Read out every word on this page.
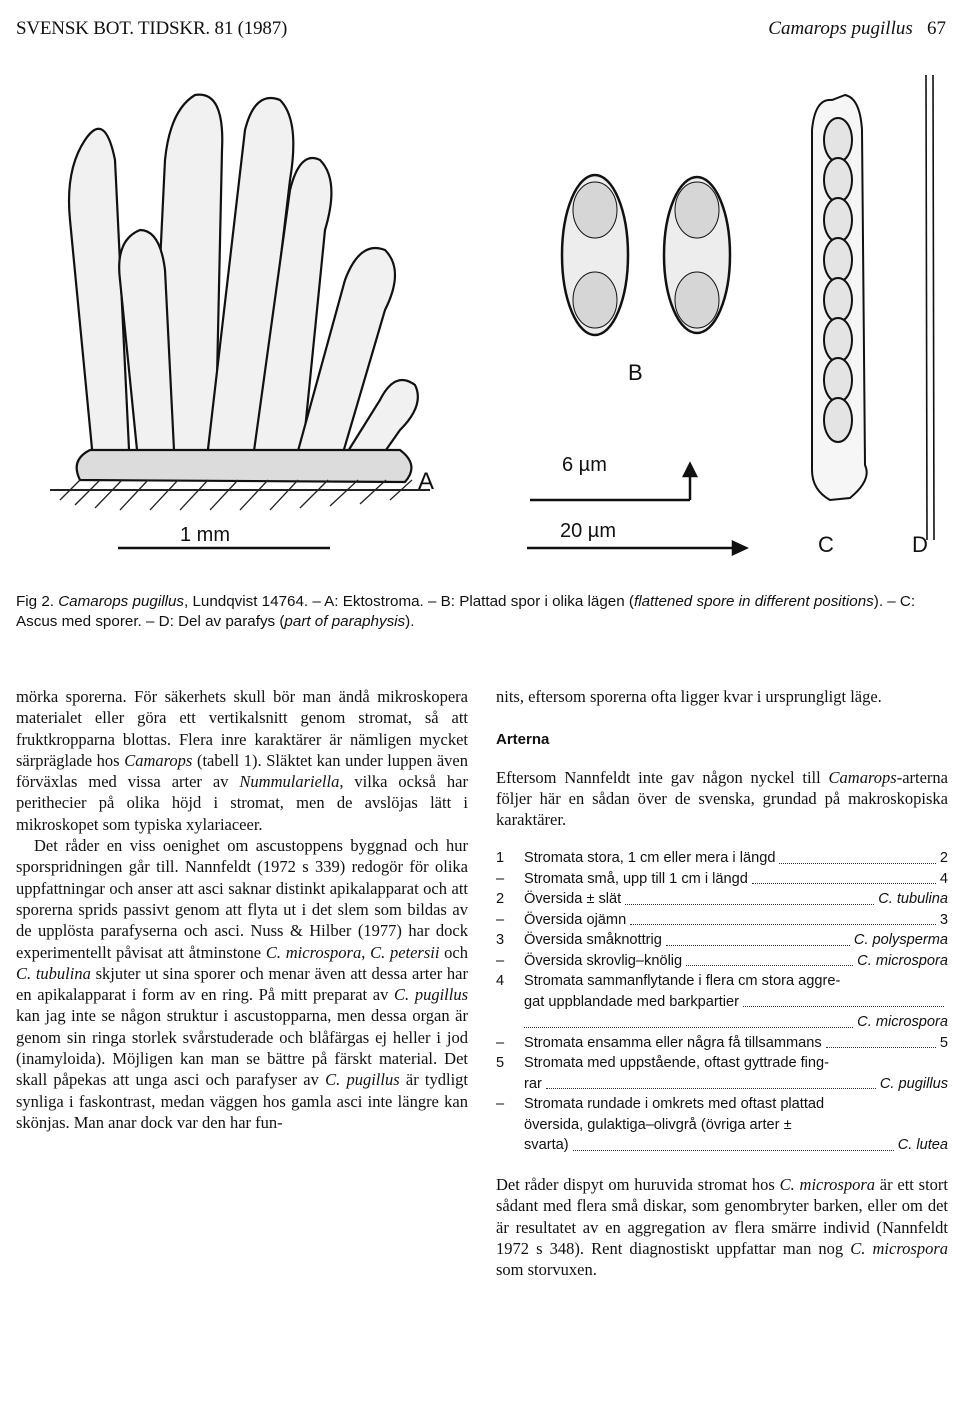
SVENSK BOT. TIDSKR. 81 (1987)	Camarops pugillus 67
A
B
C	D
6 µm
1 mm	20 µm
Fig 2. Camarops pugillus, Lundqvist 14764. – A: Ektostroma. – B: Plattad spor i olika lägen (flattened spore in different positions). – C: Ascus med sporer. – D: Del av parafys (part of paraphysis).

mörka sporerna. För säkerhets skull bör man ändå mikroskopera materialet eller göra ett vertikalsnitt genom stromat, så att fruktkropparna blottas. Flera inre karaktärer är nämligen mycket särpräglade hos Camarops (tabell 1). Släktet kan under luppen även förväxlas med vissa arter av Nummulariella, vilka också har perithecier på olika höjd i stromat, men de avslöjas lätt i mikroskopet som typiska xylariaceer.

Det råder en viss oenighet om ascustoppens byggnad och hur sporspridningen går till. Nannfeldt (1972 s 339) redogör för olika uppfattningar och anser att asci saknar distinkt apikalapparat och att sporerna sprids passivt genom att flyta ut i det slem som bildas av de upplösta parafyserna och asci. Nuss & Hilber (1977) har dock experimentellt påvisat att åtminstone C. microspora, C. petersii och C. tubulina skjuter ut sina sporer och menar även att dessa arter har en apikalapparat i form av en ring. På mitt preparat av C. pugillus kan jag inte se någon struktur i ascustopparna, men dessa organ är genom sin ringa storlek svårstuderade och blåfärgas ej heller i jod (inamyloida). Möjligen kan man se bättre på färskt material. Det skall påpekas att unga asci och parafyser av C. pugillus är tydligt synliga i faskontrast, medan väggen hos gamla asci inte längre kan skönjas. Man anar dock var den har fun-

nits, eftersom sporerna ofta ligger kvar i ursprungligt läge.

Arterna

Eftersom Nannfeldt inte gav någon nyckel till Camarops-arterna följer här en sådan över de svenska, grundad på makroskopiska karaktärer.

1	Stromata stora, 1 cm eller mera i längd	2
–	Stromata små, upp till 1 cm i längd	4
2	Översida ± slät	C. tubulina
–	Översida ojämn	3
3	Översida småknottrig	C. polysperma
–	Översida skrovlig–knölig	C. microspora
4	Stromata sammanflytande i flera cm stora aggre-
gat uppblandade med barkpartier
C. microspora
–	Stromata ensamma eller några få tillsammans	5
5	Stromata med uppstående, oftast gyttrade fing-
rar	C. pugillus
–	Stromata rundade i omkrets med oftast plattad
översida, gulaktiga–olivgrå (övriga arter ±
svarta)	C. lutea

Det råder dispyt om huruvida stromat hos C. microspora är ett stort sådant med flera små diskar, som genombryter barken, eller om det är resultatet av en aggregation av flera smärre individ (Nannfeldt 1972 s 348). Rent diagnostiskt uppfattar man nog C. microspora som storvuxen.
